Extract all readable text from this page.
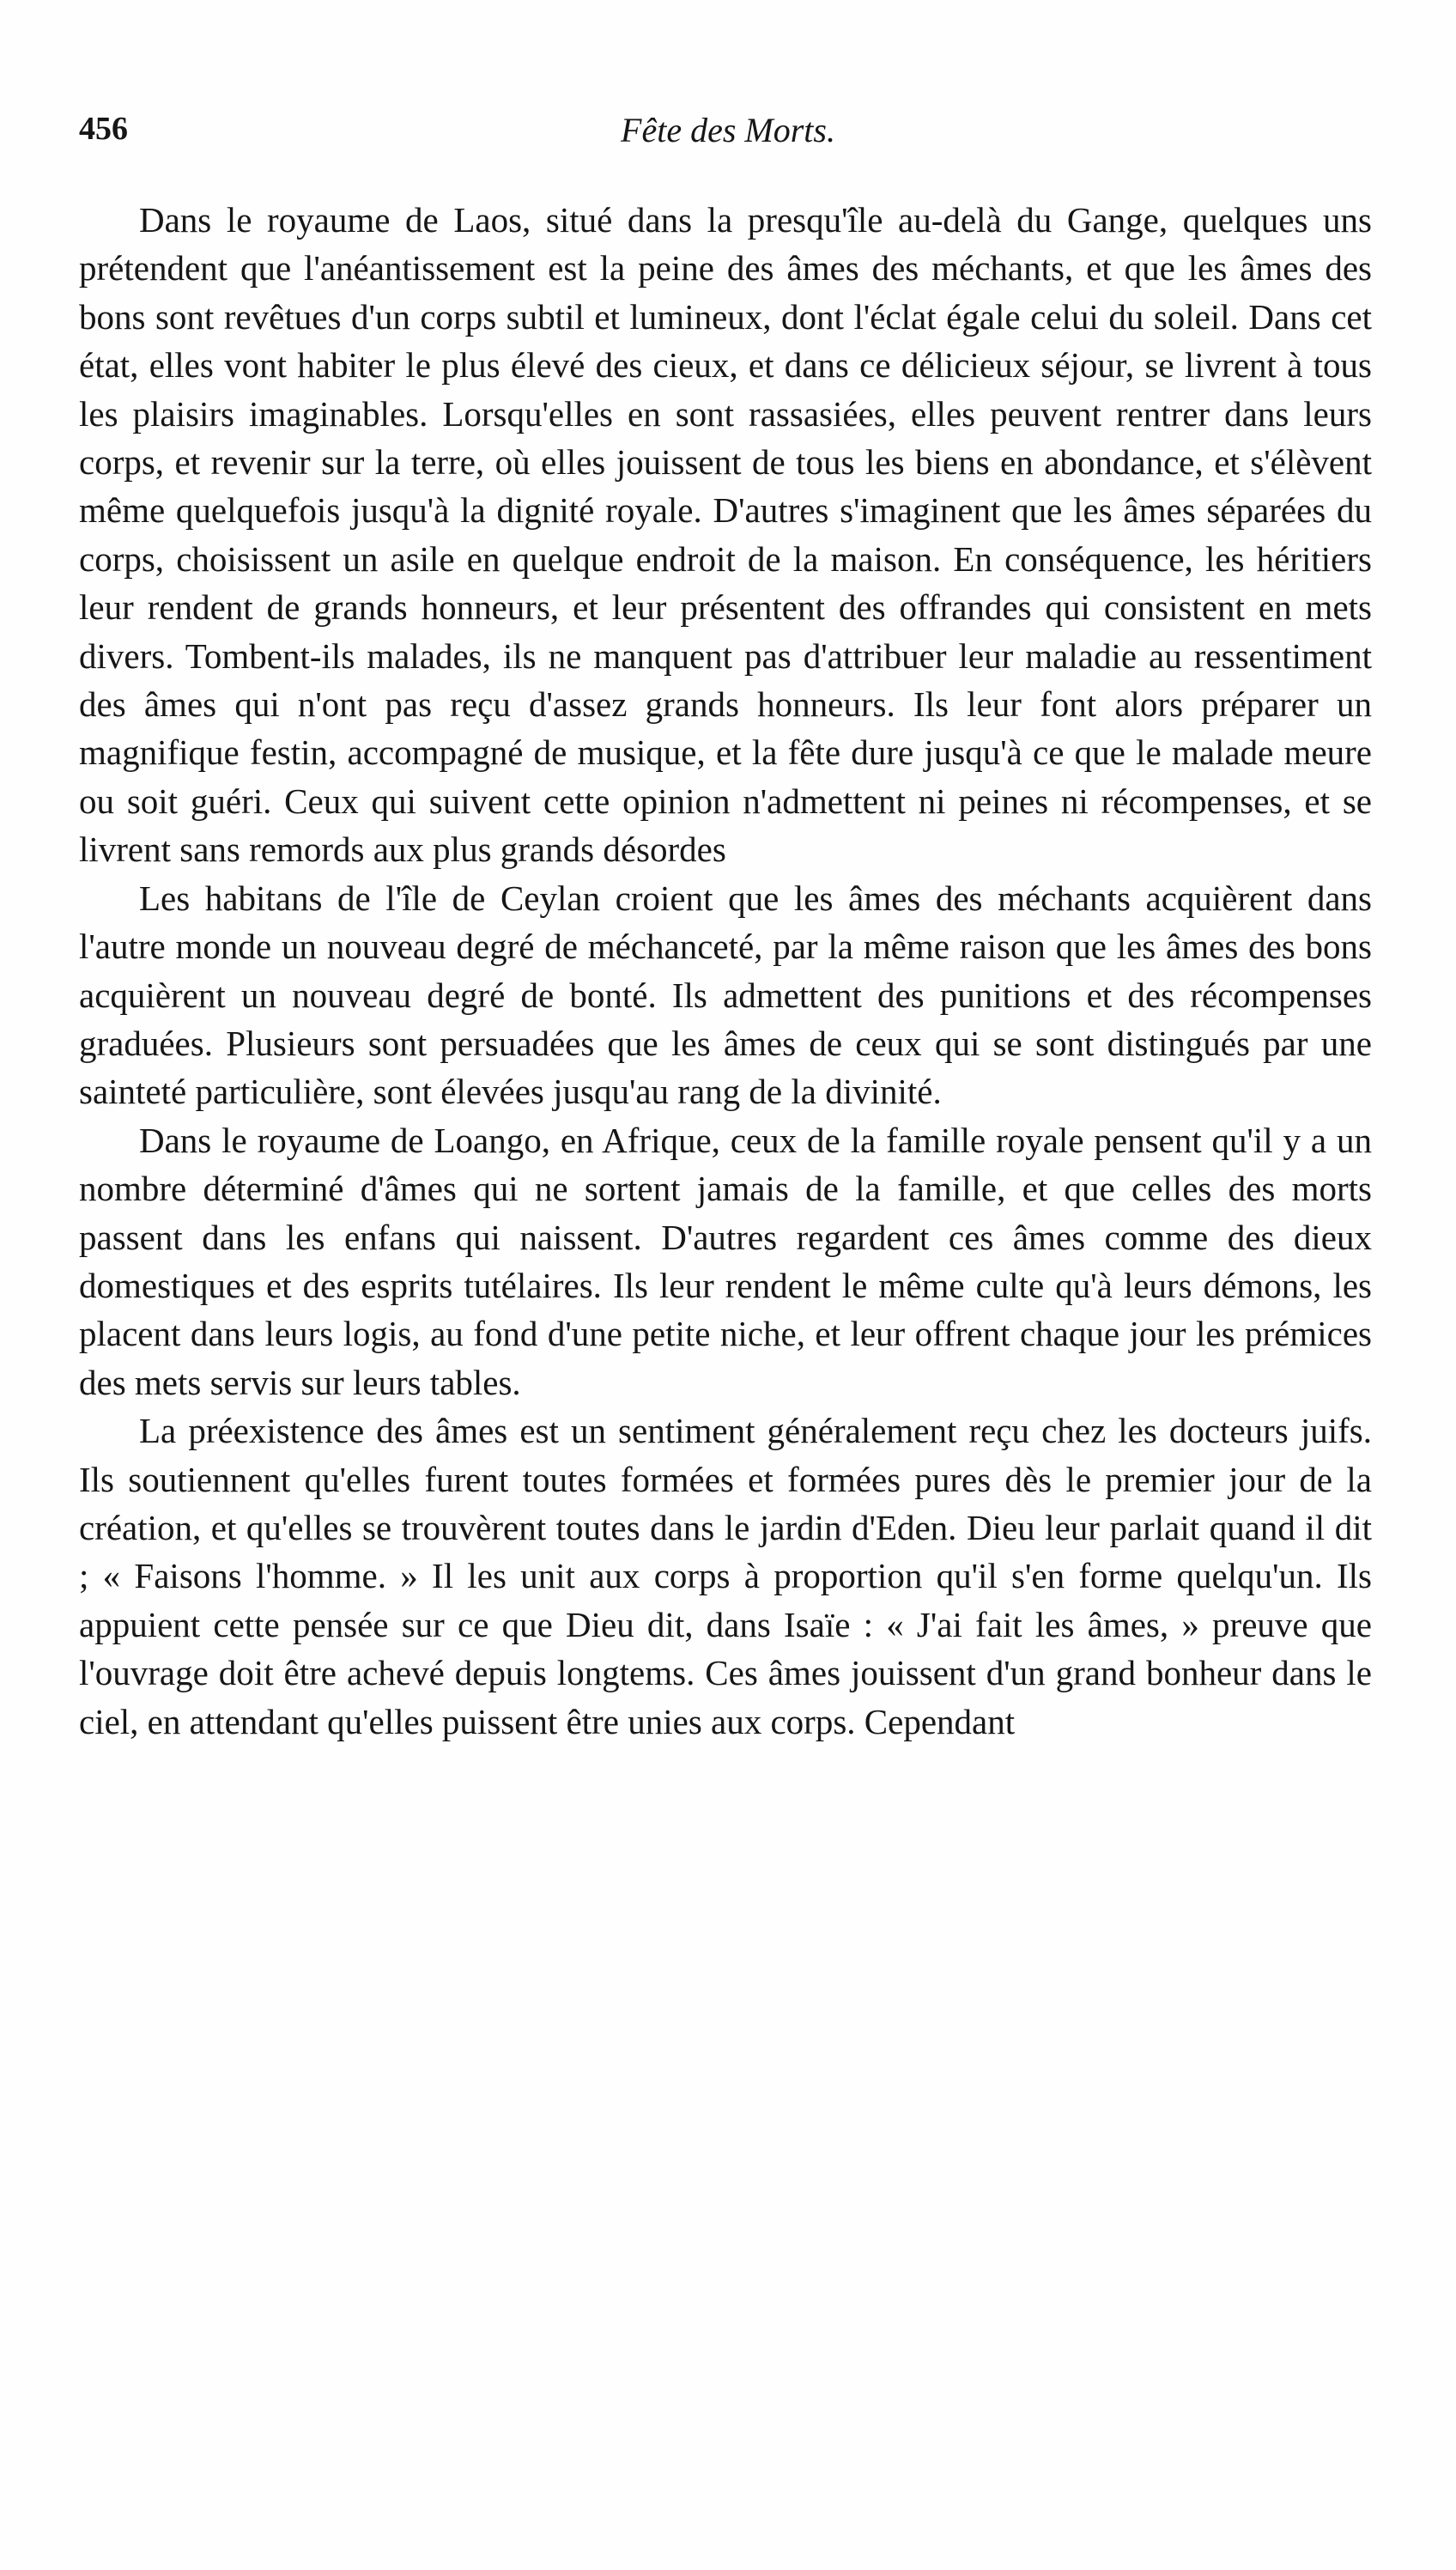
456	Fête des Morts.

Dans le royaume de Laos, situé dans la presqu'île au-delà du Gange, quelques uns prétendent que l'anéantissement est la peine des âmes des méchants, et que les âmes des bons sont revêtues d'un corps subtil et lumineux, dont l'éclat égale celui du soleil. Dans cet état, elles vont habiter le plus élevé des cieux, et dans ce délicieux séjour, se livrent à tous les plaisirs imaginables. Lorsqu'elles en sont rassasiées, elles peuvent rentrer dans leurs corps, et revenir sur la terre, où elles jouissent de tous les biens en abondance, et s'élèvent même quelquefois jusqu'à la dignité royale. D'autres s'imaginent que les âmes séparées du corps, choisissent un asile en quelque endroit de la maison. En conséquence, les héritiers leur rendent de grands honneurs, et leur présentent des offrandes qui consistent en mets divers. Tombent-ils malades, ils ne manquent pas d'attribuer leur maladie au ressentiment des âmes qui n'ont pas reçu d'assez grands honneurs. Ils leur font alors préparer un magnifique festin, accompagné de musique, et la fête dure jusqu'à ce que le malade meure ou soit guéri. Ceux qui suivent cette opinion n'admettent ni peines ni récompenses, et se livrent sans remords aux plus grands désordes

Les habitans de l'île de Ceylan croient que les âmes des méchants acquièrent dans l'autre monde un nouveau degré de méchanceté, par la même raison que les âmes des bons acquièrent un nouveau degré de bonté. Ils admettent des punitions et des récompenses graduées. Plusieurs sont persuadées que les âmes de ceux qui se sont distingués par une sainteté particulière, sont élevées jusqu'au rang de la divinité.

Dans le royaume de Loango, en Afrique, ceux de la famille royale pensent qu'il y a un nombre déterminé d'âmes qui ne sortent jamais de la famille, et que celles des morts passent dans les enfans qui naissent. D'autres regardent ces âmes comme des dieux domestiques et des esprits tutélaires. Ils leur rendent le même culte qu'à leurs démons, les placent dans leurs logis, au fond d'une petite niche, et leur offrent chaque jour les prémices des mets servis sur leurs tables.

La préexistence des âmes est un sentiment généralement reçu chez les docteurs juifs. Ils soutiennent qu'elles furent toutes formées et formées pures dès le premier jour de la création, et qu'elles se trouvèrent toutes dans le jardin d'Eden. Dieu leur parlait quand il dit ; « Faisons l'homme. » Il les unit aux corps à proportion qu'il s'en forme quelqu'un. Ils appuient cette pensée sur ce que Dieu dit, dans Isaïe : « J'ai fait les âmes, » preuve que l'ouvrage doit être achevé depuis longtems. Ces âmes jouissent d'un grand bonheur dans le ciel, en attendant qu'elles puissent être unies aux corps. Cependant
